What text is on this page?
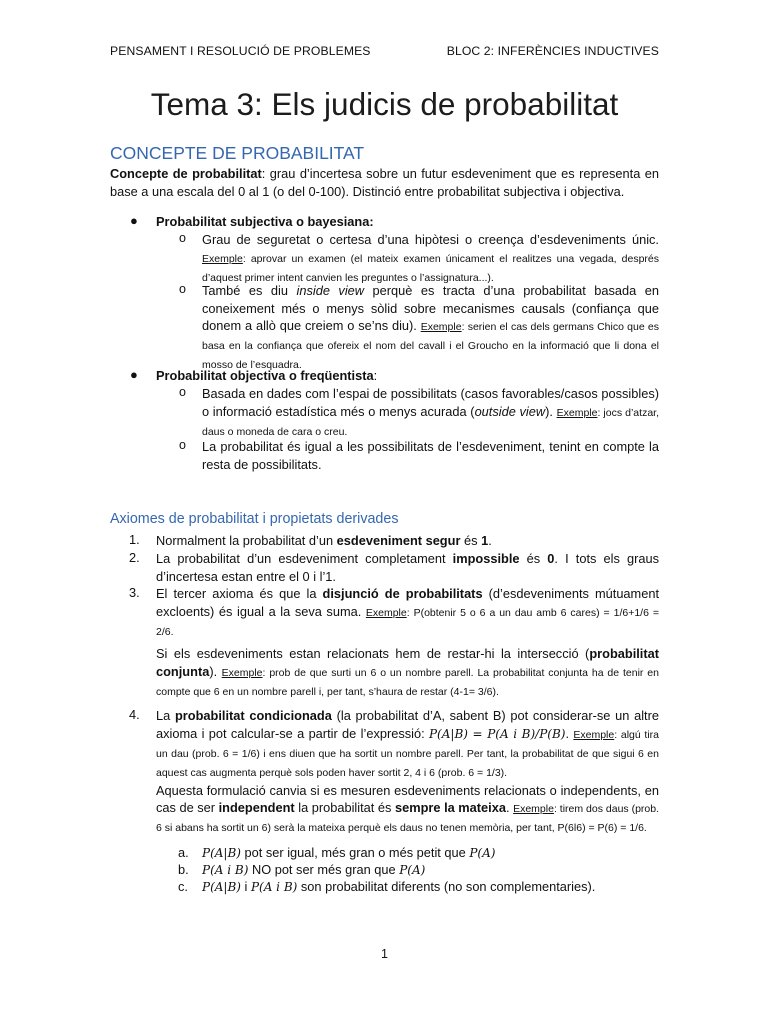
PENSAMENT I RESOLUCIÓ DE PROBLEMES	BLOC 2: INFERÈNCIES INDUCTIVES
Tema 3: Els judicis de probabilitat
CONCEPTE DE PROBABILITAT
Concepte de probabilitat: grau d’incertesa sobre un futur esdeveniment que es representa en base a una escala del 0 al 1 (o del 0-100). Distinció entre probabilitat subjectiva i objectiva.
● Probabilitat subjectiva o bayesiana:
o Grau de seguretat o certesa d’una hipòtesi o creença d’esdeveniments únic. Exemple: aprovar un examen (el mateix examen únicament el realitzes una vegada, després d’aquest primer intent canvien les preguntes o l’assignatura...).
o També es diu inside view perquè es tracta d’una probabilitat basada en coneixement més o menys sòlid sobre mecanismes causals (confiança que donem a allò que creiem o se’ns diu). Exemple: serien el cas dels germans Chico que es basa en la confiança que ofereix el nom del cavall i el Groucho en la informació que li dona el mosso de l’esquadra.
● Probabilitat objectiva o freqüentista:
o Basada en dades com l’espai de possibilitats (casos favorables/casos possibles) o informació estadística més o menys acurada (outside view). Exemple: jocs d’atzar, daus o moneda de cara o creu.
o La probabilitat és igual a les possibilitats de l’esdeveniment, tenint en compte la resta de possibilitats.
Axiomes de probabilitat i propietats derivades
1. Normalment la probabilitat d’un esdeveniment segur és 1.
2. La probabilitat d’un esdeveniment completament impossible és 0. I tots els graus d’incertesa estan entre el 0 i l’1.
3. El tercer axioma és que la disjunció de probabilitats (d’esdeveniments mútuament excloents) és igual a la seva suma. Exemple: P(obtenir 5 o 6 a un dau amb 6 cares) = 1/6+1/6 = 2/6.
Si els esdeveniments estan relacionats hem de restar-hi la intersecció (probabilitat conjunta). Exemple: prob de que surti un 6 o un nombre parell. La probabilitat conjunta ha de tenir en compte que 6 en un nombre parell i, per tant, s’haura de restar (4-1= 3/6).
4. La probabilitat condicionada (la probabilitat d’A, sabent B) pot considerar-se un altre axioma i pot calcular-se a partir de l’expressió: P(A|B) = P(A i B)/P(B). Exemple: algú tira un dau (prob. 6 = 1/6) i ens diuen que ha sortit un nombre parell. Per tant, la probabilitat de que sigui 6 en aquest cas augmenta perquè sols poden haver sortit 2, 4 i 6 (prob. 6 = 1/3).
Aquesta formulació canvia si es mesuren esdeveniments relacionats o independents, en cas de ser independent la probabilitat és sempre la mateixa. Exemple: tirem dos daus (prob. 6 si abans ha sortit un 6) serà la mateixa perquè els daus no tenen memòria, per tant, P(6l6) = P(6) = 1/6.
a. P(A|B) pot ser igual, més gran o més petit que P(A)
b. P(A i B) NO pot ser més gran que P(A)
c. P(A|B) i P(A i B) son probabilitat diferents (no son complementaries).
1
